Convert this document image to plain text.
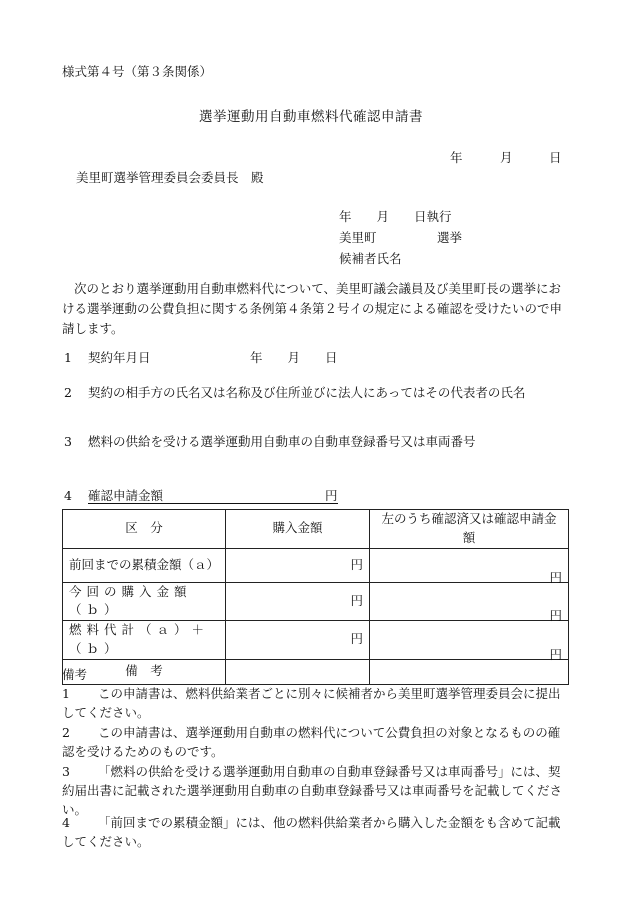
様式第４号（第３条関係）
選挙運動用自動車燃料代確認申請書
年	月	日
美里町選挙管理委員会委員長　殿
年　　月　　日執行
美里町	選挙
候補者氏名
次のとおり選挙運動用自動車燃料代について、美里町議会議員及び美里町長の選挙における選挙運動の公費負担に関する条例第４条第２号イの規定による確認を受けたいので申請します。
1 契約年月日	年　　月　　日
2 契約の相手方の氏名又は名称及び住所並びに法人にあってはその代表者の氏名
3 燃料の供給を受ける選挙運動用自動車の自動車登録番号又は車両番号
4 確認申請金額	円
区　分	購入金額	左のうち確認済又は確認申請金額
前回までの累積金額（ａ）	円	円
今回の購入金額（ｂ）	円	円
燃料代計（ａ）＋（ｂ）	円	円
備　考		
備考
1 この申請書は、燃料供給業者ごとに別々に候補者から美里町選挙管理委員会に提出してください。
2 この申請書は、選挙運動用自動車の燃料代について公費負担の対象となるものの確認を受けるためのものです。
3 「燃料の供給を受ける選挙運動用自動車の自動車登録番号又は車両番号」には、契約届出書に記載された選挙運動用自動車の自動車登録番号又は車両番号を記載してください。
4 「前回までの累積金額」には、他の燃料供給業者から購入した金額をも含めて記載してください。
